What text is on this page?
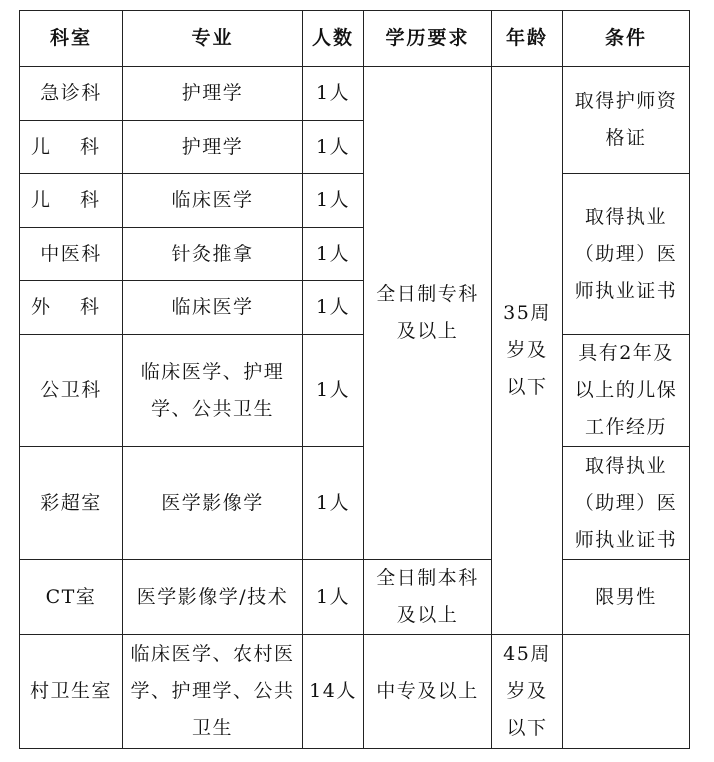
科室	专业	人数	学历要求	年龄	条件
急诊科	护理学	1人	全日制专科及以上	35周岁及以下	取得护师资格证
儿 科	护理学	1人			
儿 科	临床医学	1人			取得执业（助理）医师执业证书
中医科	针灸推拿	1人			
外 科	临床医学	1人			
公卫科	临床医学、护理学、公共卫生	1人			具有2年及以上的儿保工作经历
彩超室	医学影像学	1人			取得执业（助理）医师执业证书
CT室	医学影像学/技术	1人	全日制本科及以上		限男性
村卫生室	临床医学、农村医学、护理学、公共卫生	14人	中专及以上	45周岁及以下	
